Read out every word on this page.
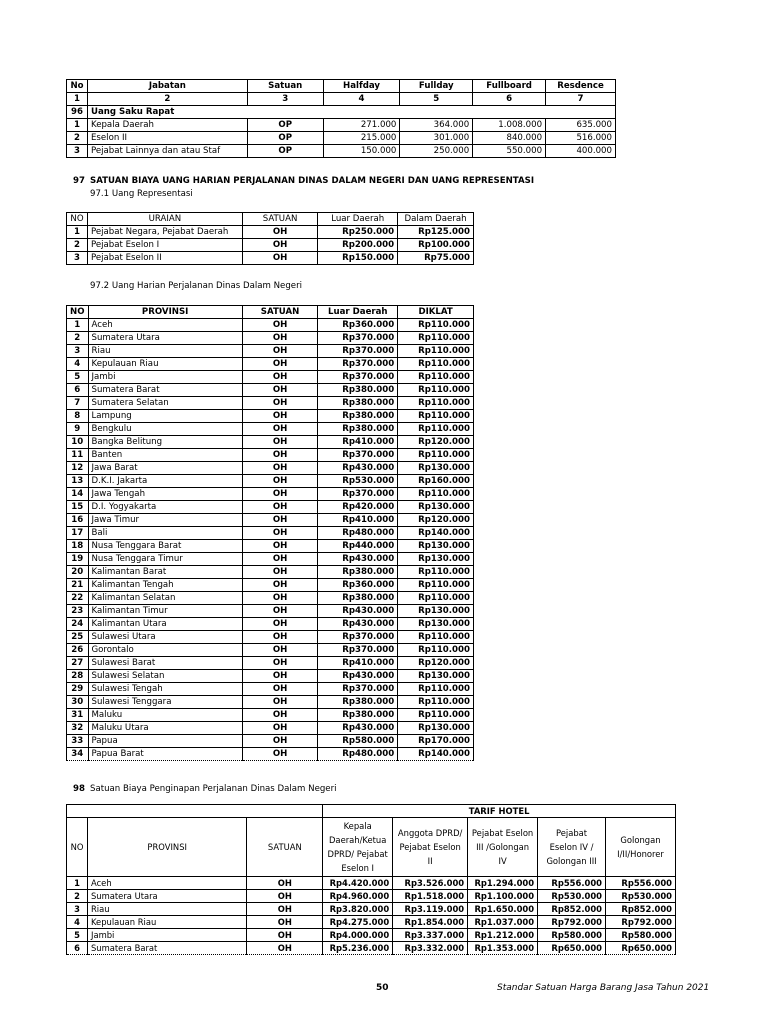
No	Jabatan	Satuan	Halfday	Fullday	Fullboard	Resdence
1	2	3	4	5	6	7
96	Uang Saku Rapat					
1	Kepala Daerah	OP	271.000	364.000	1.008.000	635.000
2	Eselon II	OP	215.000	301.000	840.000	516.000
3	Pejabat Lainnya dan atau Staf	OP	150.000	250.000	550.000	400.000
97 SATUAN BIAYA UANG HARIAN PERJALANAN DINAS DALAM NEGERI DAN UANG REPRESENTASI
97.1 Uang Representasi
NO	URAIAN	SATUAN	Luar Daerah	Dalam Daerah
1	Pejabat Negara, Pejabat Daerah	OH	Rp250.000	Rp125.000
2	Pejabat Eselon I	OH	Rp200.000	Rp100.000
3	Pejabat Eselon II	OH	Rp150.000	Rp75.000
97.2 Uang Harian Perjalanan Dinas Dalam Negeri
NO	PROVINSI	SATUAN	Luar Daerah	DIKLAT
1	Aceh	OH	Rp360.000	Rp110.000
2	Sumatera Utara	OH	Rp370.000	Rp110.000
3	Riau	OH	Rp370.000	Rp110.000
4	Kepulauan Riau	OH	Rp370.000	Rp110.000
5	Jambi	OH	Rp370.000	Rp110.000
6	Sumatera Barat	OH	Rp380.000	Rp110.000
7	Sumatera Selatan	OH	Rp380.000	Rp110.000
8	Lampung	OH	Rp380.000	Rp110.000
9	Bengkulu	OH	Rp380.000	Rp110.000
10	Bangka Belitung	OH	Rp410.000	Rp120.000
11	Banten	OH	Rp370.000	Rp110.000
12	Jawa Barat	OH	Rp430.000	Rp130.000
13	D.K.I. Jakarta	OH	Rp530.000	Rp160.000
14	Jawa Tengah	OH	Rp370.000	Rp110.000
15	D.I. Yogyakarta	OH	Rp420.000	Rp130.000
16	Jawa Timur	OH	Rp410.000	Rp120.000
17	Bali	OH	Rp480.000	Rp140.000
18	Nusa Tenggara Barat	OH	Rp440.000	Rp130.000
19	Nusa Tenggara Timur	OH	Rp430.000	Rp130.000
20	Kalimantan Barat	OH	Rp380.000	Rp110.000
21	Kalimantan Tengah	OH	Rp360.000	Rp110.000
22	Kalimantan Selatan	OH	Rp380.000	Rp110.000
23	Kalimantan Timur	OH	Rp430.000	Rp130.000
24	Kalimantan Utara	OH	Rp430.000	Rp130.000
25	Sulawesi Utara	OH	Rp370.000	Rp110.000
26	Gorontalo	OH	Rp370.000	Rp110.000
27	Sulawesi Barat	OH	Rp410.000	Rp120.000
28	Sulawesi Selatan	OH	Rp430.000	Rp130.000
29	Sulawesi Tengah	OH	Rp370.000	Rp110.000
30	Sulawesi Tenggara	OH	Rp380.000	Rp110.000
31	Maluku	OH	Rp380.000	Rp110.000
32	Maluku Utara	OH	Rp430.000	Rp130.000
33	Papua	OH	Rp580.000	Rp170.000
34	Papua Barat	OH	Rp480.000	Rp140.000
98 Satuan Biaya Penginapan Perjalanan Dinas Dalam Negeri
			TARIF HOTEL				
NO	PROVINSI	SATUAN	Kepala Daerah/Ketua DPRD/ Pejabat Eselon I	Anggota DPRD/ Pejabat Eselon II	Pejabat Eselon III /Golongan IV	Pejabat Eselon IV / Golongan III	Golongan I/II/Honorer
1	Aceh	OH	Rp4.420.000	Rp3.526.000	Rp1.294.000	Rp556.000	Rp556.000
2	Sumatera Utara	OH	Rp4.960.000	Rp1.518.000	Rp1.100.000	Rp530.000	Rp530.000
3	Riau	OH	Rp3.820.000	Rp3.119.000	Rp1.650.000	Rp852.000	Rp852.000
4	Kepulauan Riau	OH	Rp4.275.000	Rp1.854.000	Rp1.037.000	Rp792.000	Rp792.000
5	Jambi	OH	Rp4.000.000	Rp3.337.000	Rp1.212.000	Rp580.000	Rp580.000
6	Sumatera Barat	OH	Rp5.236.000	Rp3.332.000	Rp1.353.000	Rp650.000	Rp650.000
50	Standar Satuan Harga Barang Jasa Tahun 2021
